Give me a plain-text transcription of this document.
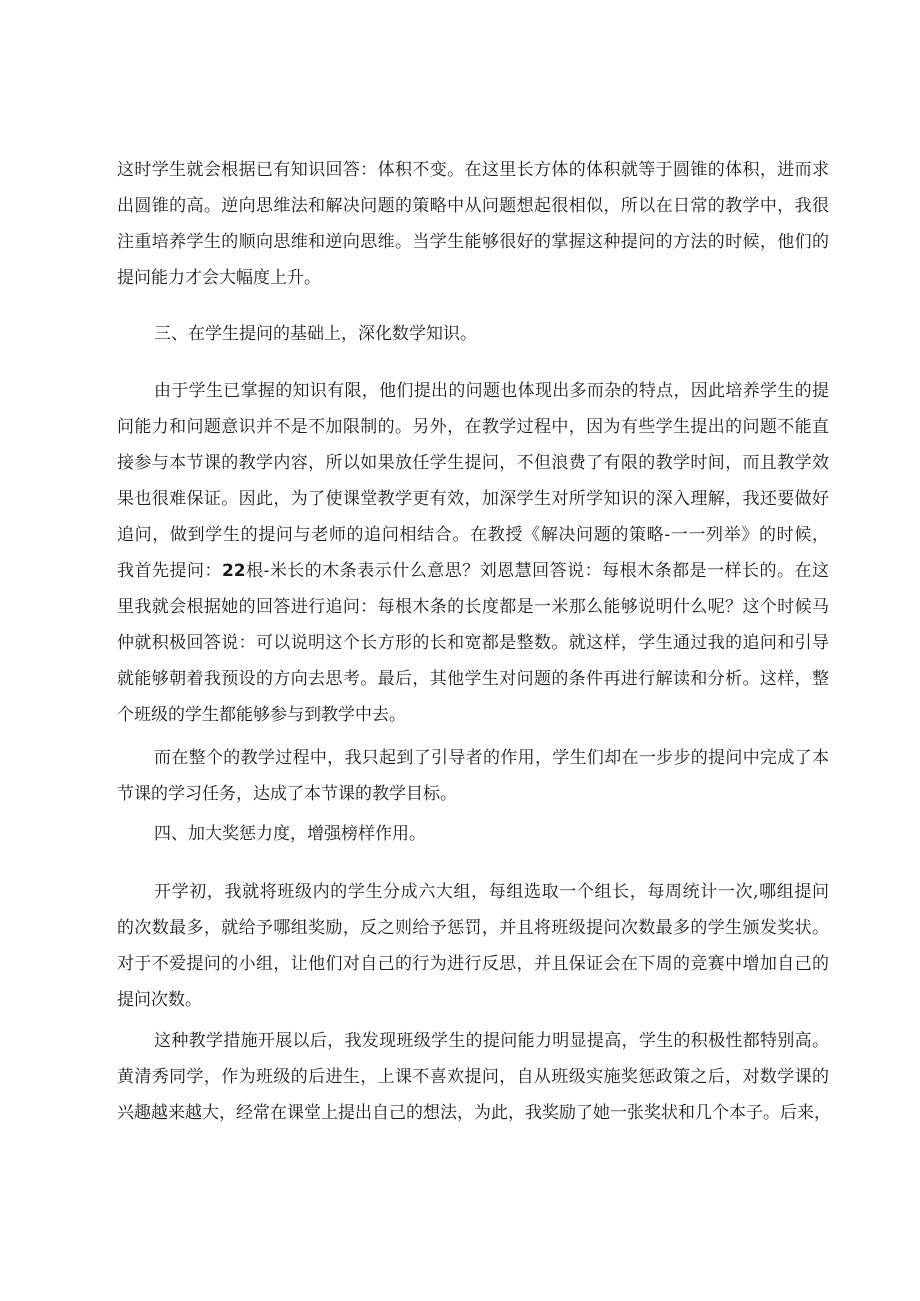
这时学生就会根据已有知识回答：体积不变。在这里长方体的体积就等于圆锥的体积，进而求
出圆锥的高。逆向思维法和解决问题的策略中从问题想起很相似，所以在日常的教学中，我很
注重培养学生的顺向思维和逆向思维。当学生能够很好的掌握这种提问的方法的时候，他们的
提问能力才会大幅度上升。
三、在学生提问的基础上，深化数学知识。
由于学生已掌握的知识有限，他们提出的问题也体现出多而杂的特点，因此培养学生的提
问能力和问题意识并不是不加限制的。另外，在教学过程中，因为有些学生提出的问题不能直
接参与本节课的教学内容，所以如果放任学生提问，不但浪费了有限的教学时间，而且教学效
果也很难保证。因此，为了使课堂教学更有效，加深学生对所学知识的深入理解，我还要做好
追问，做到学生的提问与老师的追问相结合。在教授《解决问题的策略-一一列举》的时候，
我首先提问：22根-米长的木条表示什么意思？刘恩慧回答说：每根木条都是一样长的。在这
里我就会根据她的回答进行追问：每根木条的长度都是一米那么能够说明什么呢？这个时候马
仲就积极回答说：可以说明这个长方形的长和宽都是整数。就这样，学生通过我的追问和引导
就能够朝着我预设的方向去思考。最后，其他学生对问题的条件再进行解读和分析。这样，整
个班级的学生都能够参与到教学中去。
而在整个的教学过程中，我只起到了引导者的作用，学生们却在一步步的提问中完成了本
节课的学习任务，达成了本节课的教学目标。
四、加大奖惩力度，增强榜样作用。
开学初，我就将班级内的学生分成六大组，每组选取一个组长，每周统计一次,哪组提问
的次数最多，就给予哪组奖励，反之则给予惩罚，并且将班级提问次数最多的学生颁发奖状。
对于不爱提问的小组，让他们对自己的行为进行反思，并且保证会在下周的竞赛中增加自己的
提问次数。
这种教学措施开展以后，我发现班级学生的提问能力明显提高，学生的积极性都特别高。
黄清秀同学，作为班级的后进生，上课不喜欢提问，自从班级实施奖惩政策之后，对数学课的
兴趣越来越大，经常在课堂上提出自己的想法，为此，我奖励了她一张奖状和几个本子。后来，
